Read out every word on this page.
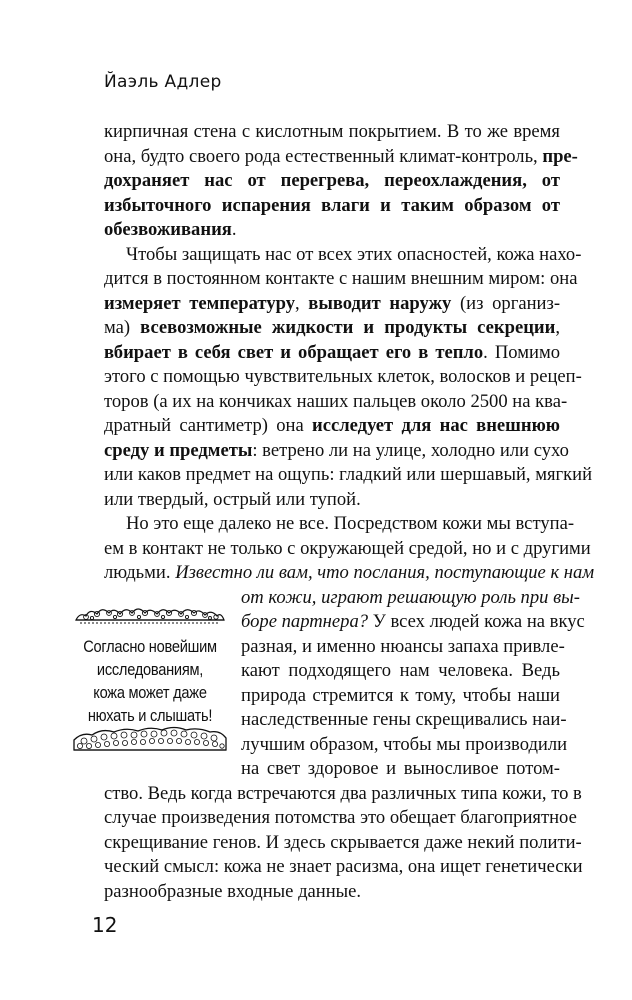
Йаэль Адлер
кирпичная стена с кислотным покрытием. В то же время
она, будто своего рода естественный климат-контроль, пре-
дохраняет нас от перегрева, переохлаждения, от
избыточного испарения влаги и таким образом от
обезвоживания.
Чтобы защищать нас от всех этих опасностей, кожа нахо-
дится в постоянном контакте с нашим внешним миром: она
измеряет температуру, выводит наружу (из организ-
ма) всевозможные жидкости и продукты секреции,
вбирает в себя свет и обращает его в тепло. Помимо
этого с помощью чувствительных клеток, волосков и рецеп-
торов (а их на кончиках наших пальцев около 2500 на ква-
дратный сантиметр) она исследует для нас внешнюю
среду и предметы: ветрено ли на улице, холодно или сухо
или каков предмет на ощупь: гладкий или шершавый, мягкий
или твердый, острый или тупой.
Но это еще далеко не все. Посредством кожи мы вступа-
ем в контакт не только с окружающей средой, но и с другими
людьми. Известно ли вам, что послания, поступающие к нам
от кожи, играют решающую роль при вы-
боре партнера? У всех людей кожа на вкус
разная, и именно нюансы запаха привле-
кают подходящего нам человека. Ведь
природа стремится к тому, чтобы наши
наследственные гены скрещивались наи-
лучшим образом, чтобы мы производили
на свет здоровое и выносливое потом-
ство. Ведь когда встречаются два различных типа кожи, то в
случае произведения потомства это обещает благоприятное
скрещивание генов. И здесь скрывается даже некий полити-
ческий смысл: кожа не знает расизма, она ищет генетически
разнообразные входные данные.
Согласно новейшим исследованиям, кожа может даже нюхать и слышать!
12
